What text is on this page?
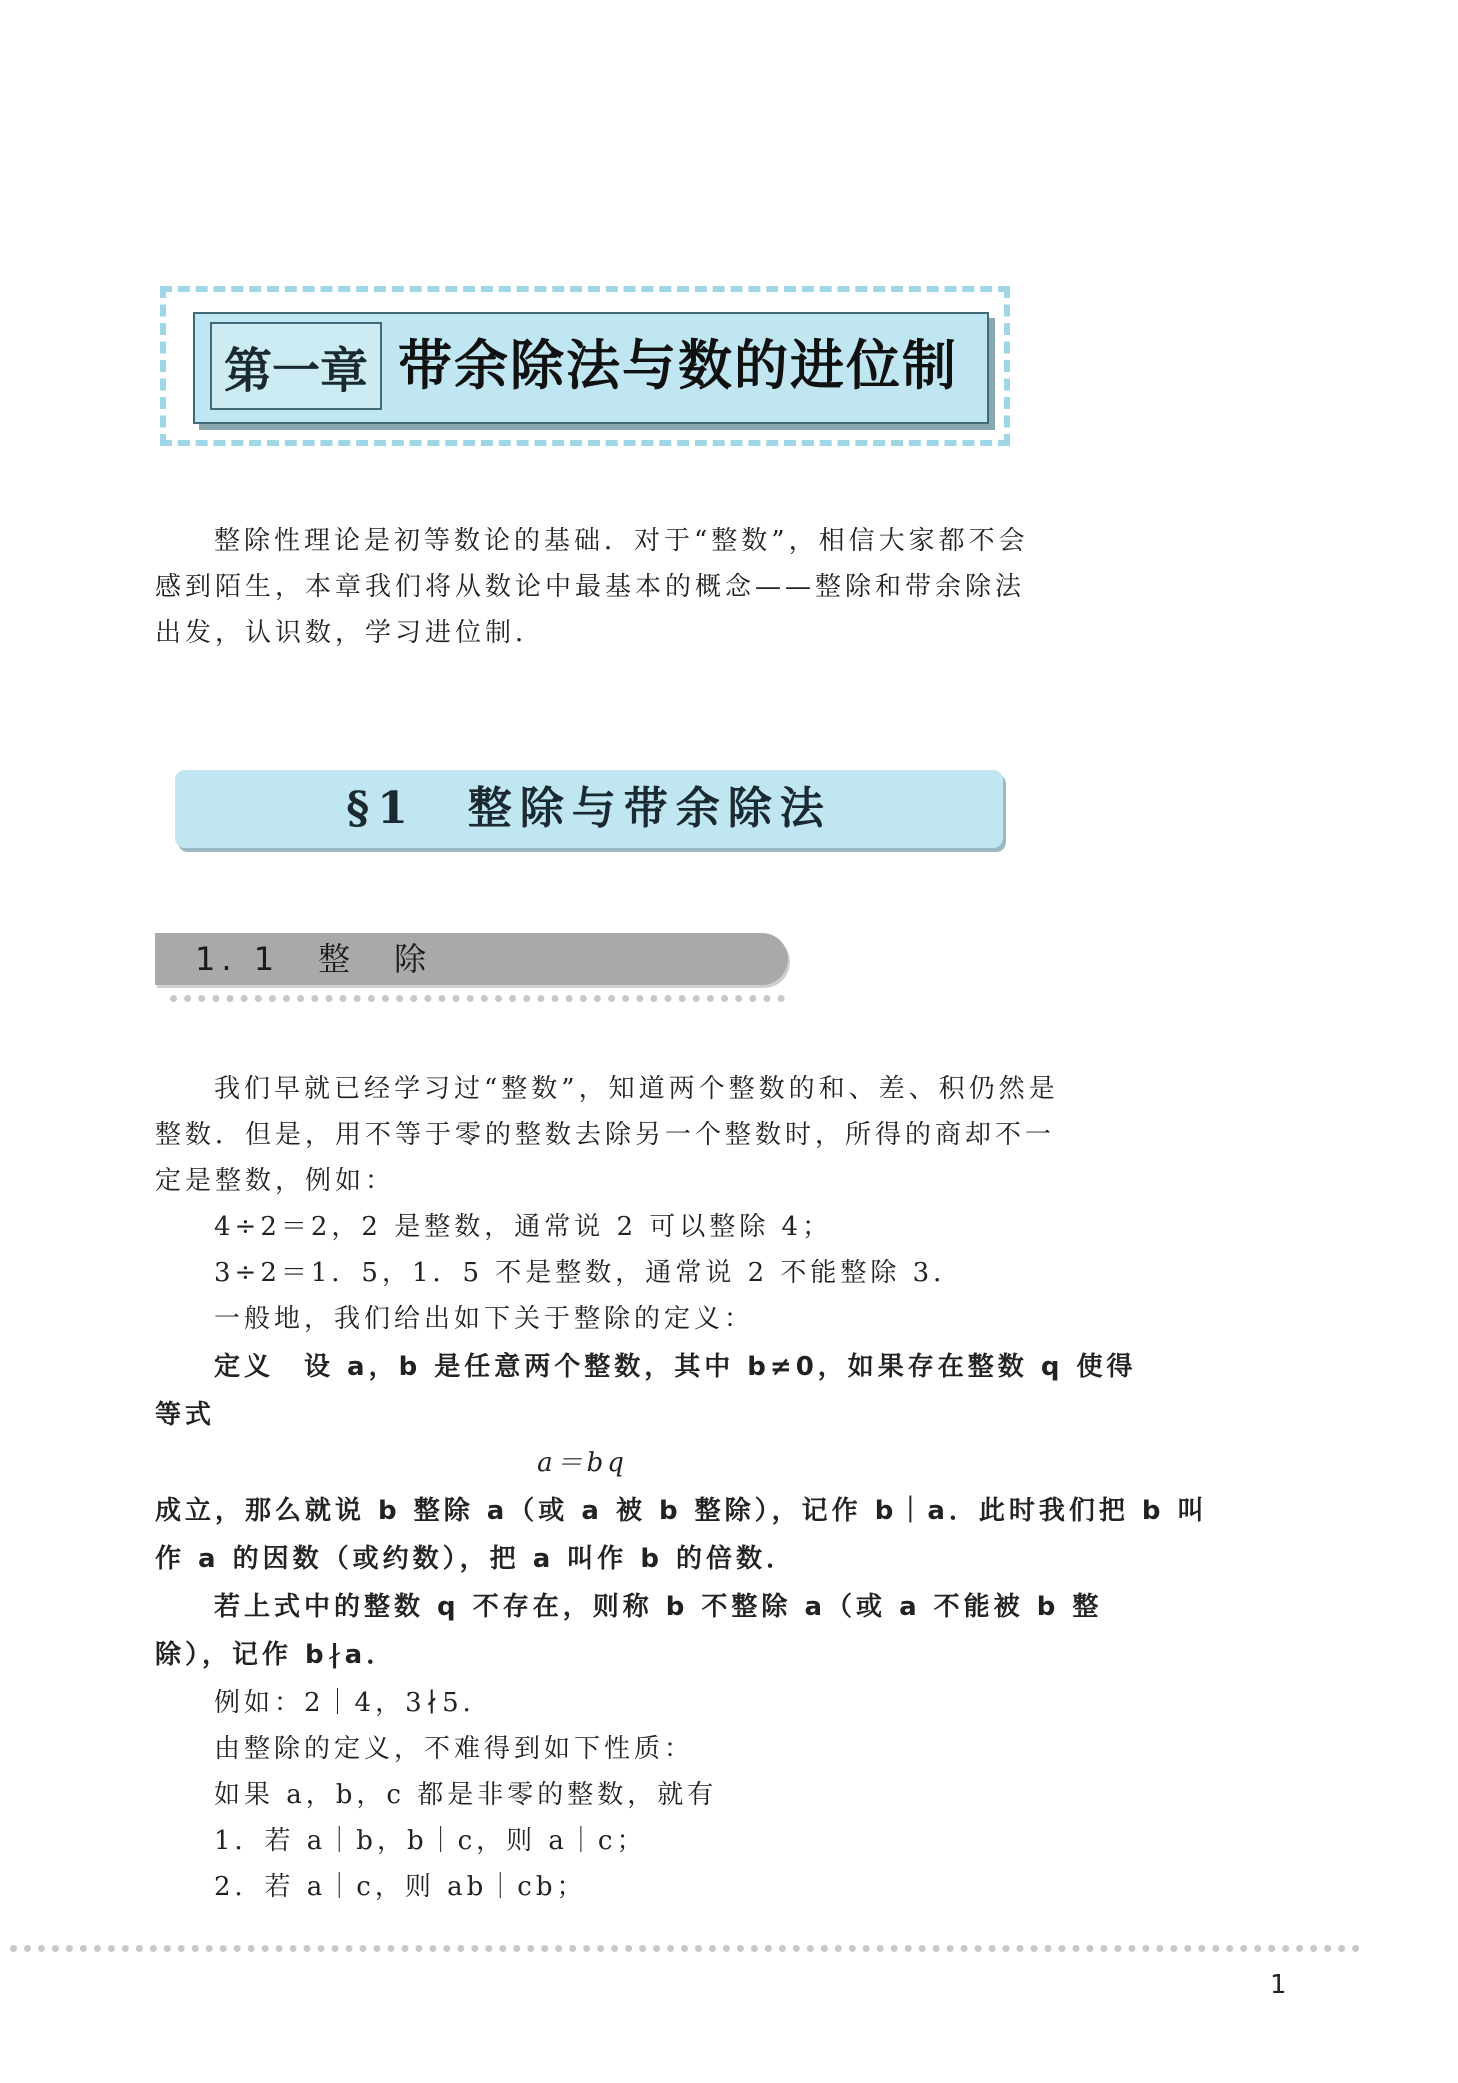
第一章 带余除法与数的进位制
整除性理论是初等数论的基础．对于“整数”，相信大家都不会
感到陌生，本章我们将从数论中最基本的概念——整除和带余除法
出发，认识数，学习进位制．
§1　整除与带余除法
1. 1　整　除
我们早就已经学习过“整数”，知道两个整数的和、差、积仍然是
整数．但是，用不等于零的整数去除另一个整数时，所得的商却不一
定是整数，例如：
4÷2＝2，2 是整数，通常说 2 可以整除 4；
3÷2＝1．5，1．5 不是整数，通常说 2 不能整除 3．
一般地，我们给出如下关于整除的定义：
定义　设 a，b 是任意两个整数，其中 b≠0，如果存在整数 q 使得
等式
a＝bq
成立，那么就说 b 整除 a（或 a 被 b 整除），记作 b｜a．此时我们把 b 叫
作 a 的因数（或约数），把 a 叫作 b 的倍数．
若上式中的整数 q 不存在，则称 b 不整除 a（或 a 不能被 b 整
除），记作 b∤a．
例如：2｜4，3∤5．
由整除的定义，不难得到如下性质：
如果 a，b，c 都是非零的整数，就有
1．若 a｜b，b｜c，则 a｜c；
2．若 a｜c，则 ab｜cb；
1
